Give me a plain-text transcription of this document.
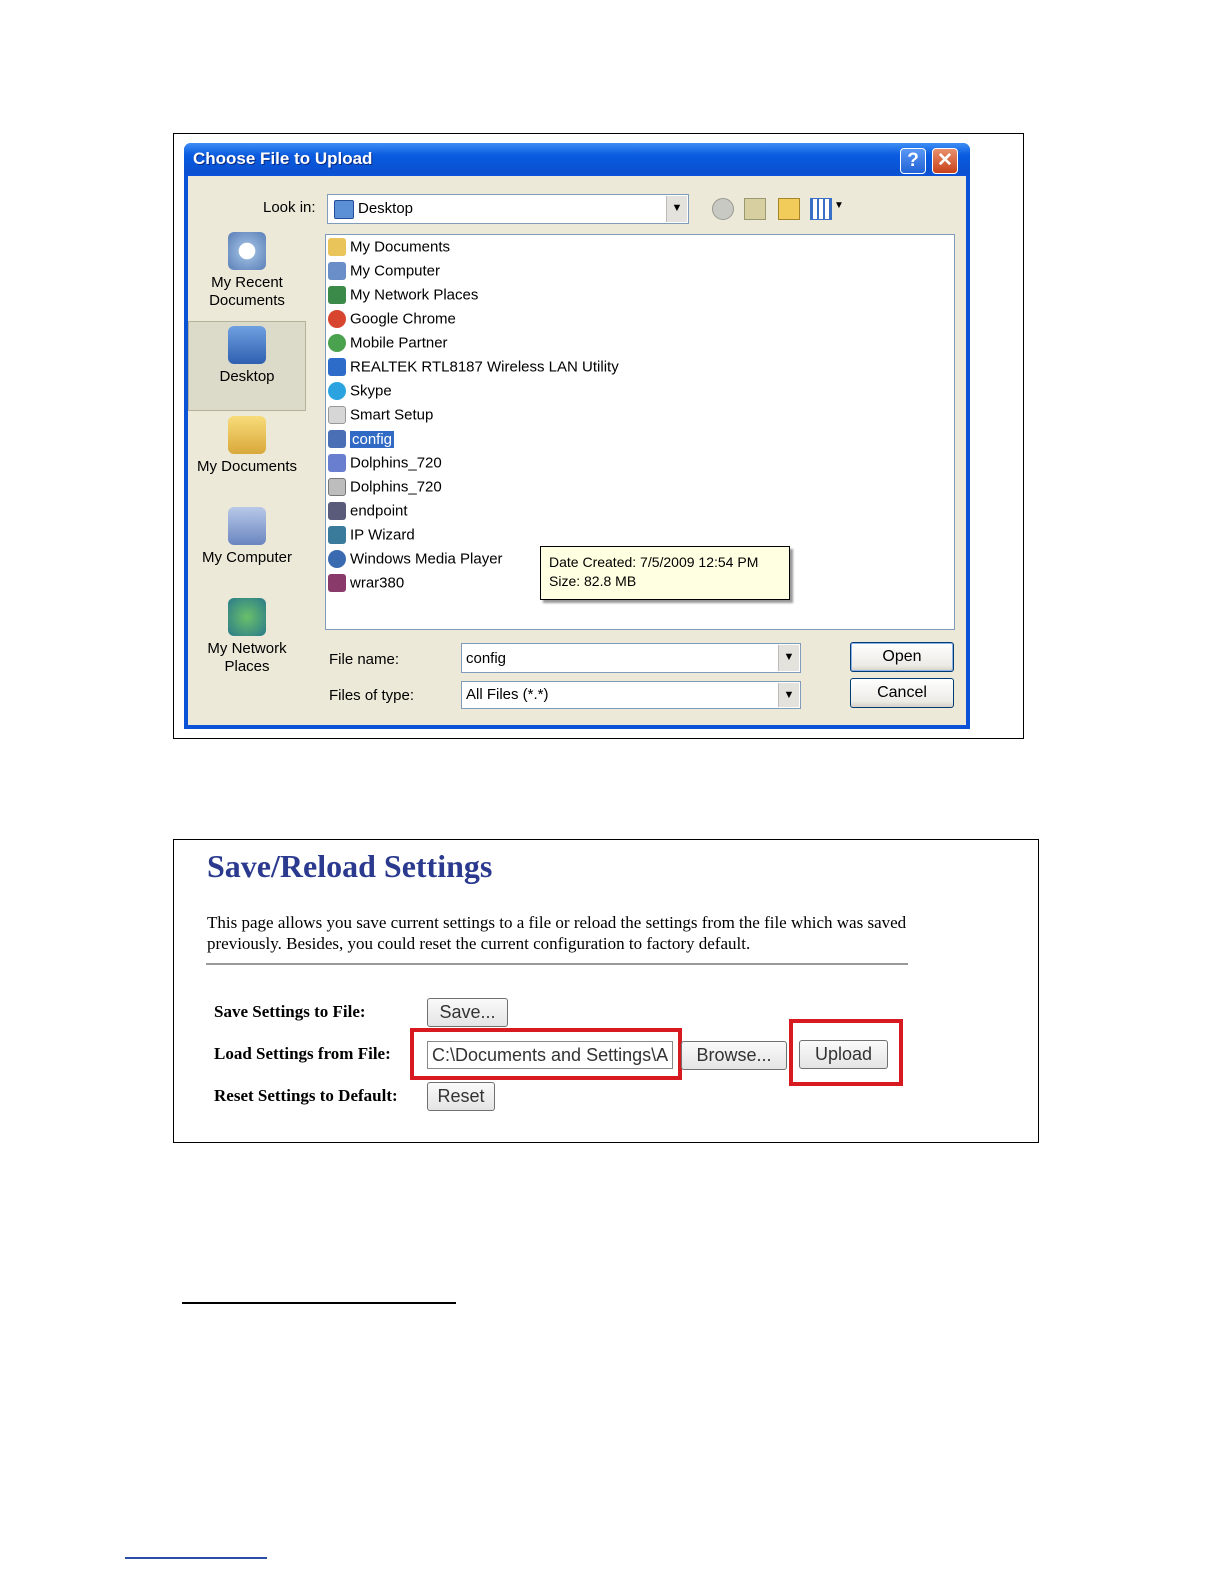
Choose File to Upload	? ✕
Look in:	Desktop	▼	▼
My Recent Documents
Desktop
My Documents
My Computer
My Network Places
My Documents
My Computer
My Network Places
Google Chrome
Mobile Partner
REALTEK RTL8187 Wireless LAN Utility
Skype
Smart Setup
config
Dolphins_720
Dolphins_720
endpoint
IP Wizard
Windows Media Player
wrar380
Date Created: 7/5/2009 12:54 PM
Size: 82.8 MB
File name:	config	▼
Files of type:	All Files (*.*)	▼
Open
Cancel
Save/Reload Settings
This page allows you save current settings to a file or reload the settings from the file which was saved previously. Besides, you could reset the current configuration to factory default.
Save Settings to File:	Save...
Load Settings from File: C:\Documents and Settings\A	Browse...	Upload
Reset Settings to Default:	Reset
